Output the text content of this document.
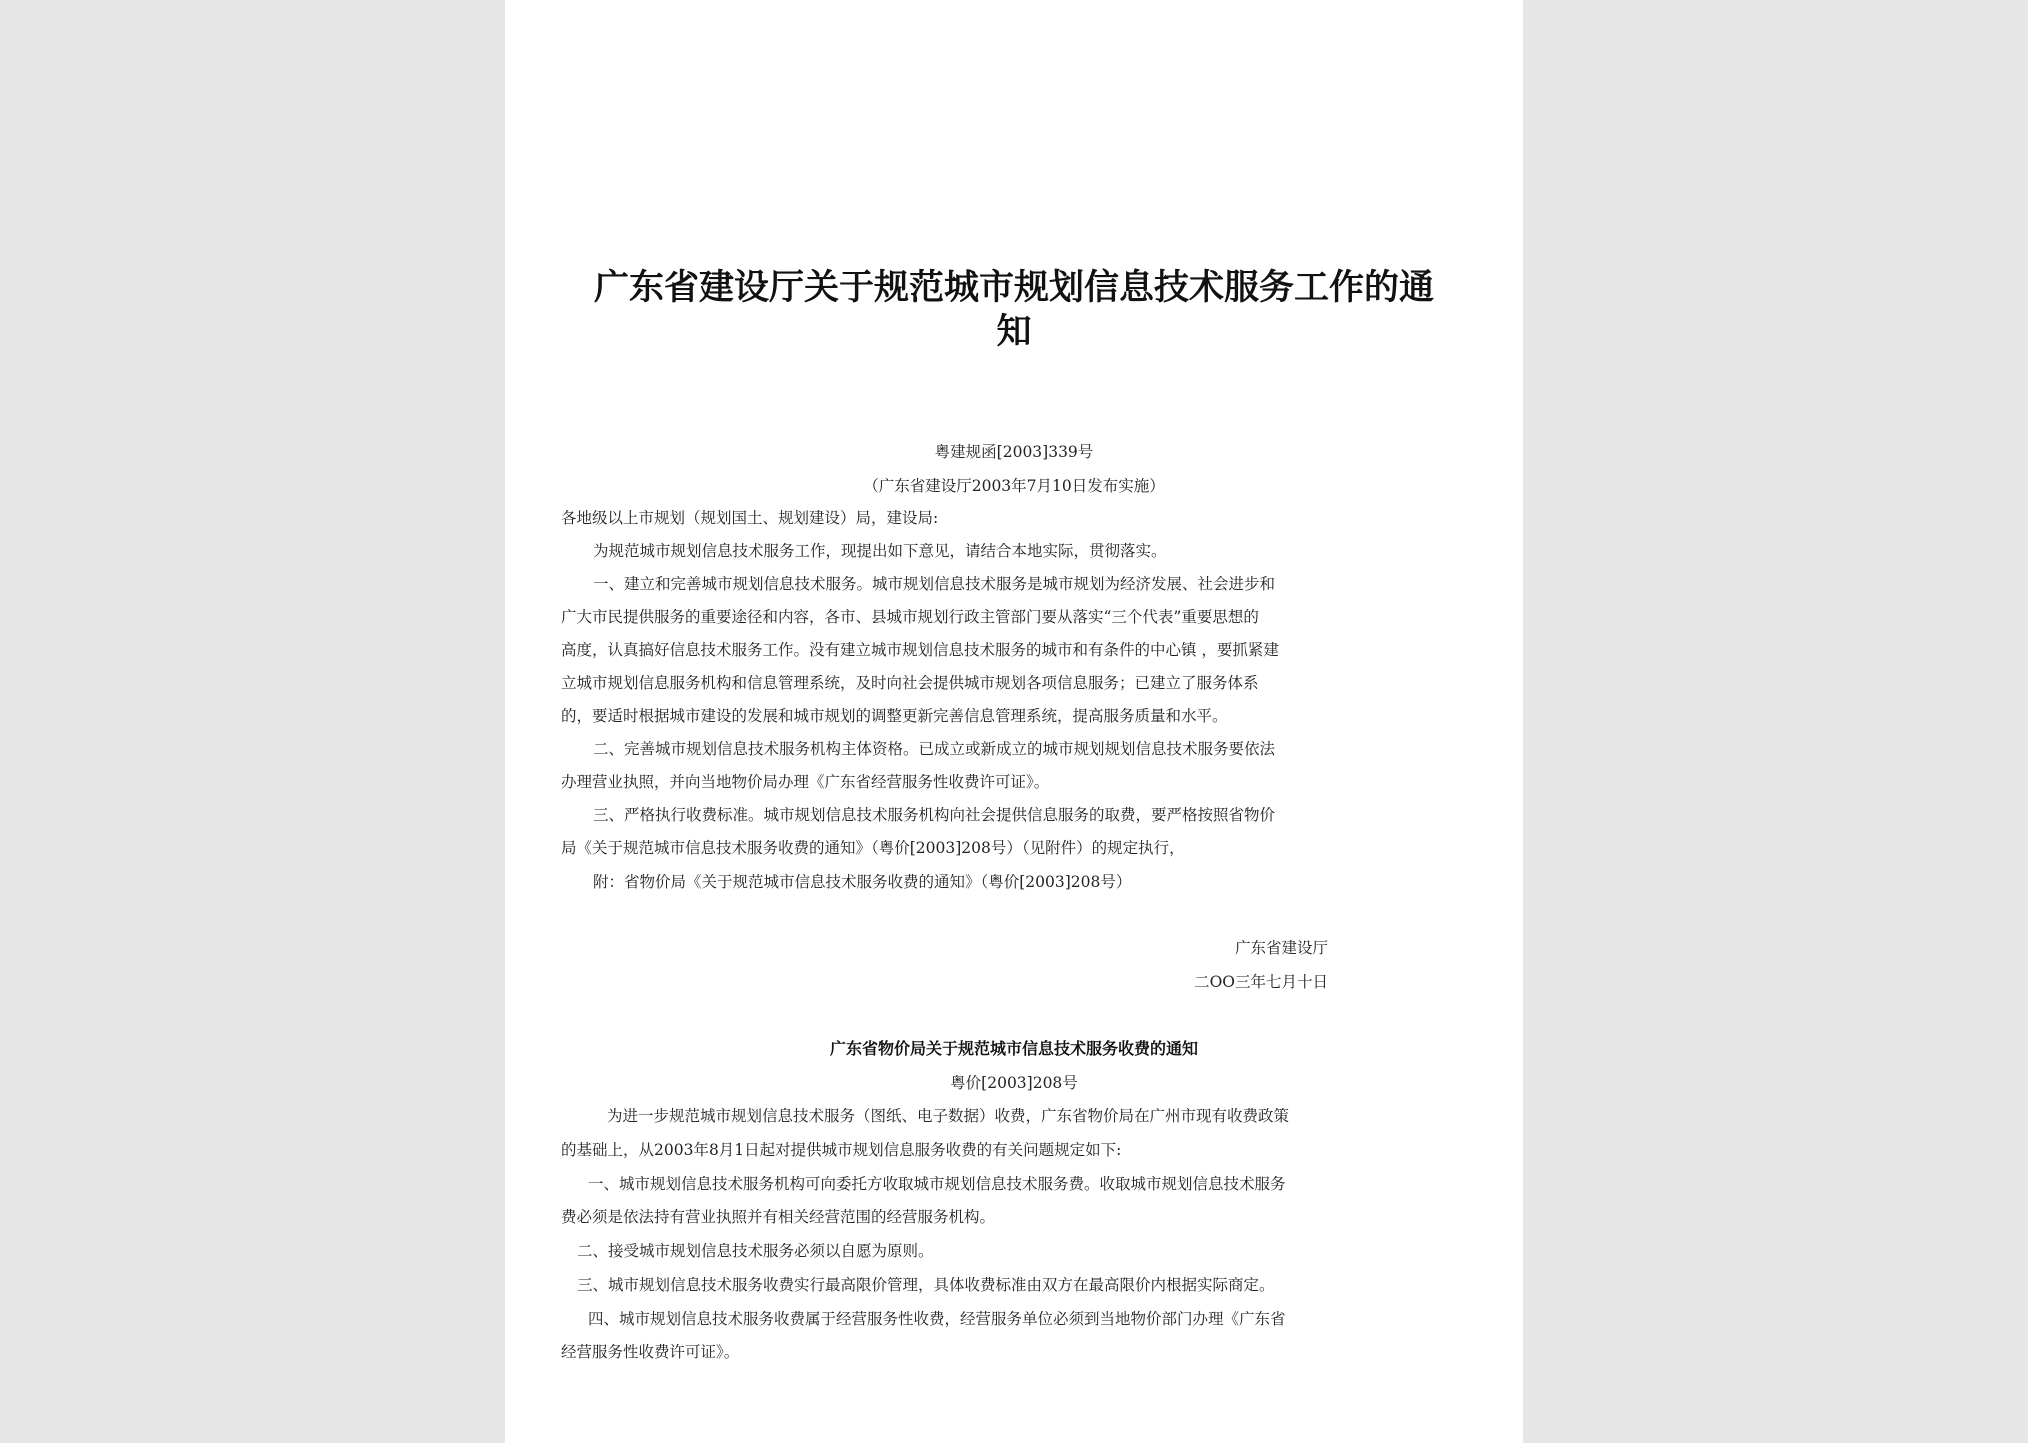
广东省建设厅关于规范城市规划信息技术服务工作的通
知
粤建规函[2003]339号
（广东省建设厅2003年7月10日发布实施）
各地级以上市规划（规划国土、规划建设）局，建设局:
为规范城市规划信息技术服务工作，现提出如下意见，请结合本地实际，贯彻落实。
一、建立和完善城市规划信息技术服务。城市规划信息技术服务是城市规划为经济发展、社会进步和
广大市民提供服务的重要途径和内容，各市、县城市规划行政主管部门要从落实“三个代表”重要思想的
高度，认真搞好信息技术服务工作。没有建立城市规划信息技术服务的城市和有条件的中心镇 ，要抓紧建
立城市规划信息服务机构和信息管理系统，及时向社会提供城市规划各项信息服务；已建立了服务体系
的，要适时根据城市建设的发展和城市规划的调整更新完善信息管理系统，提高服务质量和水平。
二、完善城市规划信息技术服务机构主体资格。已成立或新成立的城市规划规划信息技术服务要依法
办理营业执照，并向当地物价局办理《广东省经营服务性收费许可证》。
三、严格执行收费标准。城市规划信息技术服务机构向社会提供信息服务的取费，要严格按照省物价
局《关于规范城市信息技术服务收费的通知》（粤价[2003]208号）（见附件）的规定执行，
附：省物价局《关于规范城市信息技术服务收费的通知》（粤价[2003]208号）
广东省建设厅
二OO三年七月十日
广东省物价局关于规范城市信息技术服务收费的通知
粤价[2003]208号
为进一步规范城市规划信息技术服务（图纸、电子数据）收费，广东省物价局在广州市现有收费政策
的基础上，从2003年8月1日起对提供城市规划信息服务收费的有关问题规定如下:
一、城市规划信息技术服务机构可向委托方收取城市规划信息技术服务费。收取城市规划信息技术服务
费必须是依法持有营业执照并有相关经营范围的经营服务机构。
二、接受城市规划信息技术服务必须以自愿为原则。
三、城市规划信息技术服务收费实行最高限价管理，具体收费标准由双方在最高限价内根据实际商定。
四、城市规划信息技术服务收费属于经营服务性收费，经营服务单位必须到当地物价部门办理《广东省
经营服务性收费许可证》。
